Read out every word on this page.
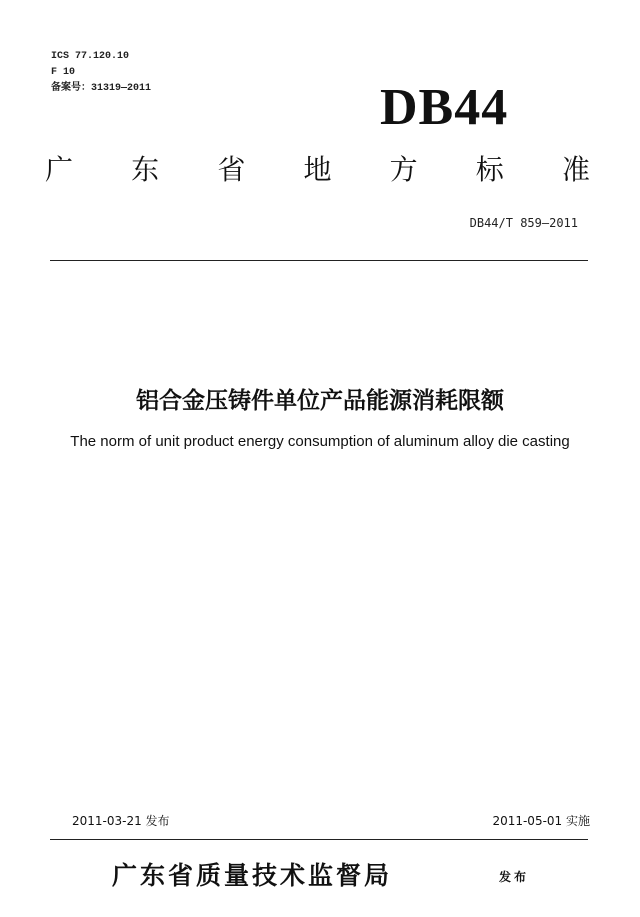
ICS 77.120.10
F 10
备案号：31319—2011	DB44
广 东 省 地 方 标 准
DB44/T 859—2011
铝合金压铸件单位产品能源消耗限额
The norm of unit product energy consumption of aluminum alloy die casting
2011-03-21 发布	2011-05-01 实施
广东省质量技术监督局	发布
